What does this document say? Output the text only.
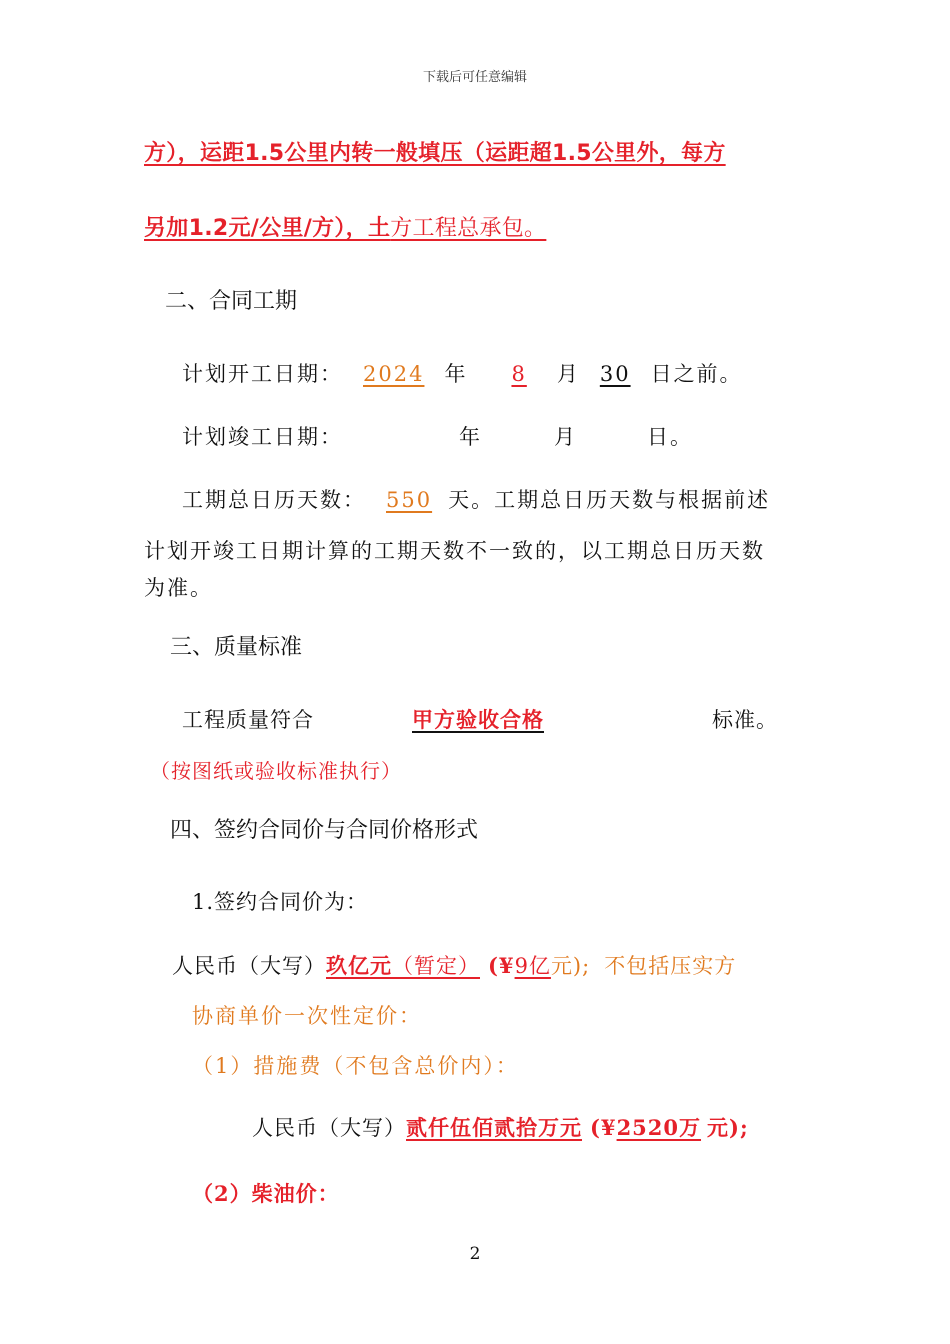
下载后可任意编辑
方），运距1.5公里内转一般填压（运距超1.5公里外，每方
另加1.2元/公里/方），土方工程总承包。
二、合同工期
计划开工日期： 2024 年 8 月 30 日之前。
计划竣工日期：	年	月	日。
工期总日历天数： 550 天。工期总日历天数与根据前述
计划开竣工日期计算的工期天数不一致的，以工期总日历天数
为准。
三、质量标准
工程质量符合	甲方验收合格	标准。
（按图纸或验收标准执行）
四、签约合同价与合同价格形式
1.签约合同价为：
人民币（大写）玖亿元（暂定） (¥9亿元); 不包括压实方
协商单价一次性定价：
（1）措施费（不包含总价内）：
人民币（大写）贰仟伍佰贰拾万元 (¥2520万 元);
（2）柴油价：
2
